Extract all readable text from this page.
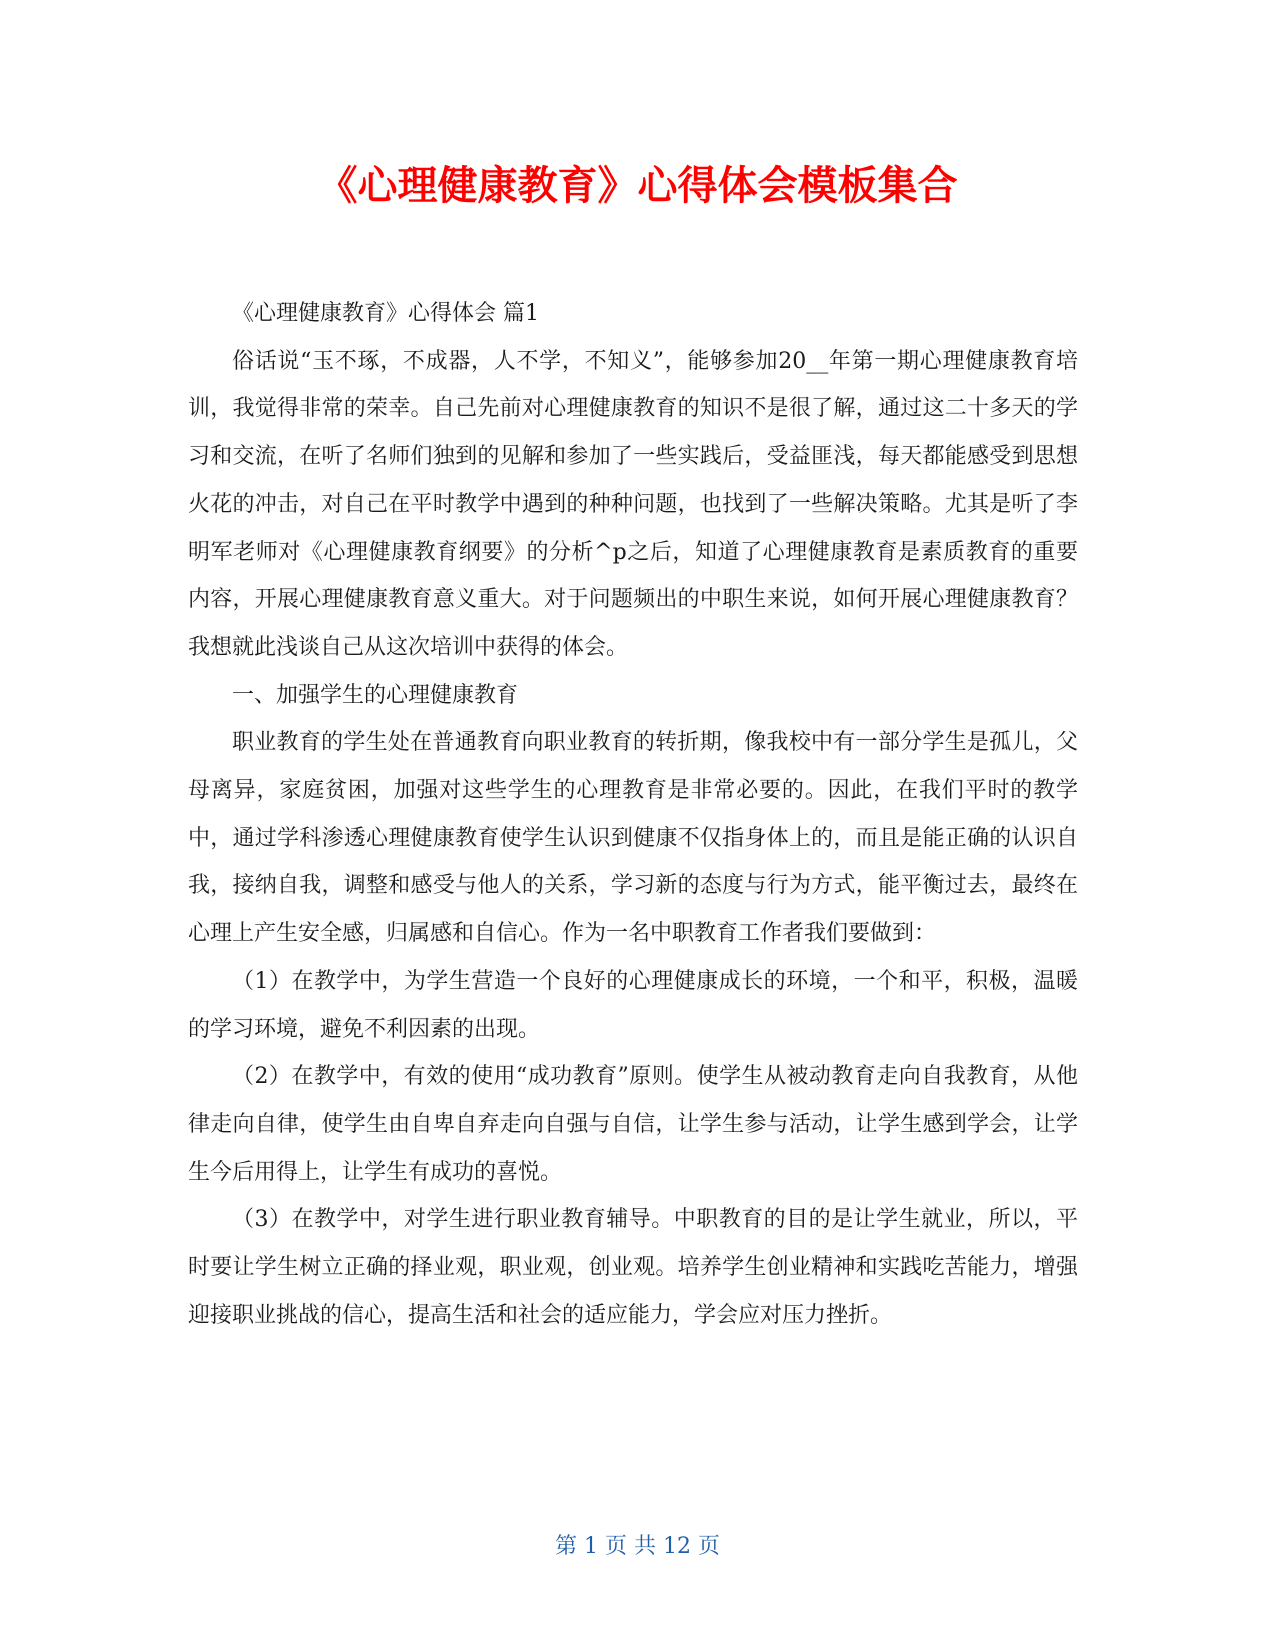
《心理健康教育》心得体会模板集合

《心理健康教育》心得体会 篇1

俗话说“玉不琢，不成器，人不学，不知义”，能够参加20__年第一期心理健康教育培训，我觉得非常的荣幸。自己先前对心理健康教育的知识不是很了解，通过这二十多天的学习和交流，在听了名师们独到的见解和参加了一些实践后，受益匪浅，每天都能感受到思想火花的冲击，对自己在平时教学中遇到的种种问题，也找到了一些解决策略。尤其是听了李明军老师对《心理健康教育纲要》的分析^p之后，知道了心理健康教育是素质教育的重要内容，开展心理健康教育意义重大。对于问题频出的中职生来说，如何开展心理健康教育？我想就此浅谈自己从这次培训中获得的体会。

一、加强学生的心理健康教育

职业教育的学生处在普通教育向职业教育的转折期，像我校中有一部分学生是孤儿，父母离异，家庭贫困，加强对这些学生的心理教育是非常必要的。因此，在我们平时的教学中，通过学科渗透心理健康教育使学生认识到健康不仅指身体上的，而且是能正确的认识自我，接纳自我，调整和感受与他人的关系，学习新的态度与行为方式，能平衡过去，最终在心理上产生安全感，归属感和自信心。作为一名中职教育工作者我们要做到：

（1）在教学中，为学生营造一个良好的心理健康成长的环境，一个和平，积极，温暖的学习环境，避免不利因素的出现。

（2）在教学中，有效的使用“成功教育”原则。使学生从被动教育走向自我教育，从他律走向自律，使学生由自卑自弃走向自强与自信，让学生参与活动，让学生感到学会，让学生今后用得上，让学生有成功的喜悦。

（3）在教学中，对学生进行职业教育辅导。中职教育的目的是让学生就业，所以，平时要让学生树立正确的择业观，职业观，创业观。培养学生创业精神和实践吃苦能力，增强迎接职业挑战的信心，提高生活和社会的适应能力，学会应对压力挫折。

第 1 页 共 12 页
